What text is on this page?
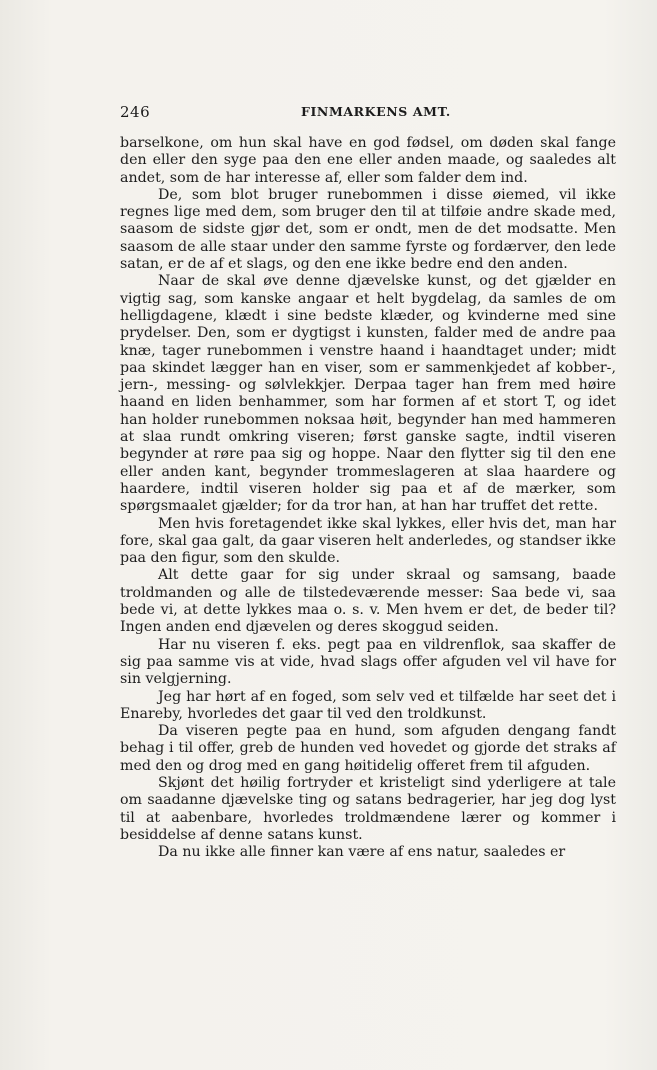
246	FINMARKENS AMT.

barselkone, om hun skal have en god fødsel, om døden skal fange den eller den syge paa den ene eller anden maade, og saaledes alt andet, som de har interesse af, eller som falder dem ind.

De, som blot bruger runebommen i disse øiemed, vil ikke regnes lige med dem, som bruger den til at tilføie andre skade med, saasom de sidste gjør det, som er ondt, men de det modsatte. Men saasom de alle staar under den samme fyrste og fordærver, den lede satan, er de af et slags, og den ene ikke bedre end den anden.

Naar de skal øve denne djævelske kunst, og det gjælder en vigtig sag, som kanske angaar et helt bygdelag, da samles de om helligdagene, klædt i sine bedste klæder, og kvinderne med sine prydelser. Den, som er dygtigst i kunsten, falder med de andre paa knæ, tager runebommen i venstre haand i haandtaget under; midt paa skindet lægger han en viser, som er sammenkjedet af kobber-, jern-, messing- og sølvlekkjer. Derpaa tager han frem med høire haand en liden benhammer, som har formen af et stort T, og idet han holder runebommen noksaa høit, begynder han med hammeren at slaa rundt omkring viseren; først ganske sagte, indtil viseren begynder at røre paa sig og hoppe. Naar den flytter sig til den ene eller anden kant, begynder trommeslageren at slaa haardere og haardere, indtil viseren holder sig paa et af de mærker, som spørgsmaalet gjælder; for da tror han, at han har truffet det rette.

Men hvis foretagendet ikke skal lykkes, eller hvis det, man har fore, skal gaa galt, da gaar viseren helt anderledes, og standser ikke paa den figur, som den skulde.

Alt dette gaar for sig under skraal og samsang, baade troldmanden og alle de tilstedeværende messer: Saa bede vi, saa bede vi, at dette lykkes maa o. s. v. Men hvem er det, de beder til? Ingen anden end djævelen og deres skoggud seiden.

Har nu viseren f. eks. pegt paa en vildrenflok, saa skaffer de sig paa samme vis at vide, hvad slags offer afguden vel vil have for sin velgjerning.

Jeg har hørt af en foged, som selv ved et tilfælde har seet det i Enareby, hvorledes det gaar til ved den troldkunst.

Da viseren pegte paa en hund, som afguden dengang fandt behag i til offer, greb de hunden ved hovedet og gjorde det straks af med den og drog med en gang høitidelig offeret frem til afguden.

Skjønt det høilig fortryder et kristeligt sind yderligere at tale om saadanne djævelske ting og satans bedragerier, har jeg dog lyst til at aabenbare, hvorledes troldmændene lærer og kommer i besiddelse af denne satans kunst.

Da nu ikke alle finner kan være af ens natur, saaledes er
